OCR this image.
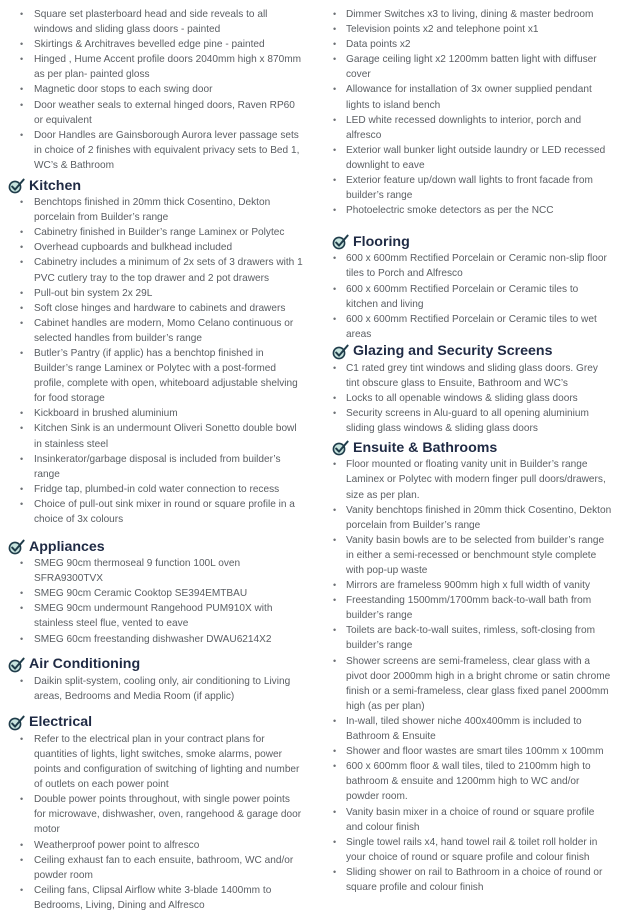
• Square set plasterboard head and side reveals to all windows and sliding glass doors - painted
• Skirtings & Architraves bevelled edge pine - painted
• Hinged , Hume Accent profile doors 2040mm high x 870mm as per plan- painted gloss
• Magnetic door stops to each swing door
• Door weather seals to external hinged doors, Raven RP60 or equivalent
• Door Handles are Gainsborough Aurora lever passage sets in choice of 2 finishes with equivalent privacy sets to Bed 1, WC’s & Bathroom
Kitchen
• Benchtops finished in 20mm thick Cosentino, Dekton porcelain from Builder’s range
• Cabinetry finished in Builder’s range Laminex or Polytec
• Overhead cupboards and bulkhead included
• Cabinetry includes a minimum of 2x sets of 3 drawers with 1 PVC cutlery tray to the top drawer and 2 pot drawers
• Pull-out bin system 2x 29L
• Soft close hinges and hardware to cabinets and drawers
• Cabinet handles are modern, Momo Celano continuous or selected handles from builder’s range
• Butler’s Pantry (if applic) has a benchtop finished in Builder’s range Laminex or Polytec with a post-formed profile, complete with open, whiteboard adjustable shelving for food storage
• Kickboard in brushed aluminium
• Kitchen Sink is an undermount Oliveri Sonetto double bowl in stainless steel
• Insinkerator/garbage disposal is included from builder’s range
• Fridge tap, plumbed-in cold water connection to recess
• Choice of pull-out sink mixer in round or square profile in a choice of 3x colours
Appliances
• SMEG 90cm thermoseal 9 function 100L oven SFRA9300TVX
• SMEG 90cm Ceramic Cooktop SE394EMTBAU
• SMEG 90cm undermount Rangehood PUM910X with stainless steel flue, vented to eave
• SMEG 60cm freestanding dishwasher DWAU6214X2
Air Conditioning
• Daikin split-system, cooling only, air conditioning to Living areas, Bedrooms and Media Room (if applic)
Electrical
• Refer to the electrical plan in your contract plans for quantities of lights, light switches, smoke alarms, power points and configuration of switching of lighting and number of outlets on each power point
• Double power points throughout, with single power points for microwave, dishwasher, oven, rangehood & garage door motor
• Weatherproof power point to alfresco
• Ceiling exhaust fan to each ensuite, bathroom, WC and/or powder room
• Ceiling fans, Clipsal Airflow white 3-blade 1400mm to Bedrooms, Living, Dining and Alfresco
• Dimmer Switches x3 to living, dining & master bedroom
• Television points x2 and telephone point x1
• Data points x2
• Garage ceiling light x2 1200mm batten light with diffuser cover
• Allowance for installation of 3x owner supplied pendant lights to island bench
• LED white recessed downlights to interior, porch and alfresco
• Exterior wall bunker light outside laundry or LED recessed downlight to eave
• Exterior feature up/down wall lights to front facade from builder’s range
• Photoelectric smoke detectors as per the NCC
Flooring
• 600 x 600mm Rectified Porcelain or Ceramic non-slip floor tiles to Porch and Alfresco
• 600 x 600mm Rectified Porcelain or Ceramic tiles to kitchen and living
• 600 x 600mm Rectified Porcelain or Ceramic tiles to wet areas
Glazing and Security Screens
• C1 rated grey tint windows and sliding glass doors. Grey tint obscure glass to Ensuite, Bathroom and WC’s
• Locks to all openable windows & sliding glass doors
• Security screens in Alu-guard to all opening aluminium sliding glass windows & sliding glass doors
Ensuite & Bathrooms
• Floor mounted or floating vanity unit in Builder’s range Laminex or Polytec with modern finger pull doors/drawers, size as per plan.
• Vanity benchtops finished in 20mm thick Cosentino, Dekton porcelain from Builder’s range
• Vanity basin bowls are to be selected from builder’s range in either a semi-recessed or benchmount style complete with pop-up waste
• Mirrors are frameless 900mm high x full width of vanity
• Freestanding 1500mm/1700mm back-to-wall bath from builder’s range
• Toilets are back-to-wall suites, rimless, soft-closing from builder’s range
• Shower screens are semi-frameless, clear glass with a pivot door 2000mm high in a bright chrome or satin chrome finish or a semi-frameless, clear glass fixed panel 2000mm high (as per plan)
• In-wall, tiled shower niche 400x400mm is included to Bathroom & Ensuite
• Shower and floor wastes are smart tiles 100mm x 100mm
• 600 x 600mm floor & wall tiles, tiled to 2100mm high to bathroom & ensuite and 1200mm high to WC and/or powder room.
• Vanity basin mixer in a choice of round or square profile and colour finish
• Single towel rails x4, hand towel rail & toilet roll holder in your choice of round or square profile and colour finish
• Sliding shower on rail to Bathroom in a choice of round or square profile and colour finish
